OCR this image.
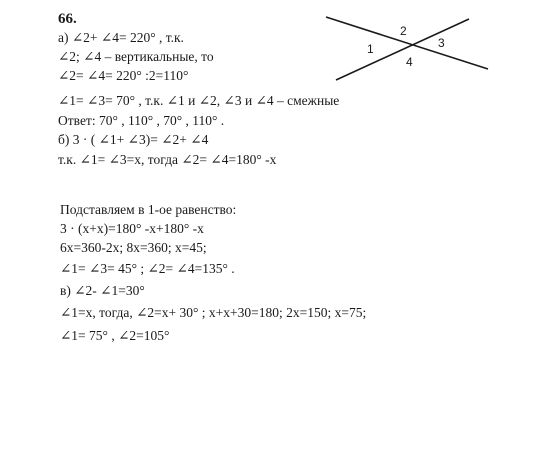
66.
а) ∠2+ ∠4= 220° , т.к.
∠2; ∠4 – вертикальные, то
∠2= ∠4= 220° :2=110°
∠1= ∠3= 70° , т.к. ∠1 и ∠2, ∠3 и ∠4 – смежные
Ответ: 70° , 110° , 70° , 110° .
б) 3 · ( ∠1+ ∠3)= ∠2+ ∠4
т.к. ∠1= ∠3=x, тогда ∠2= ∠4=180° -x
Подставляем в 1-ое равенство:
3 · (x+x)=180° -x+180° -x
6x=360-2x; 8x=360; x=45;
∠1= ∠3= 45° ; ∠2= ∠4=135° .
в) ∠2- ∠1=30°
∠1=x, тогда, ∠2=x+ 30° ; x+x+30=180; 2x=150; x=75;
∠1= 75° , ∠2=105°
1
2
3
4
